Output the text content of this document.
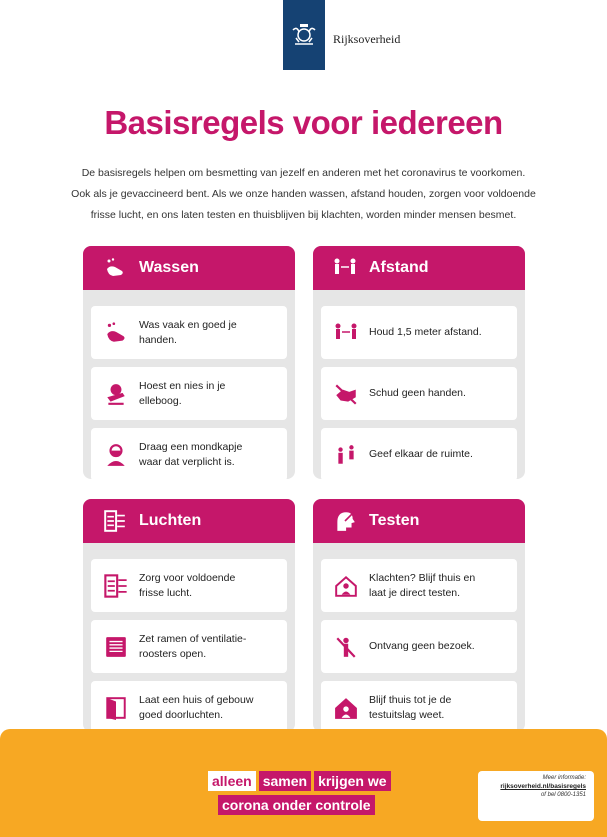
Rijksoverheid
Basisregels voor iedereen
De basisregels helpen om besmetting van jezelf en anderen met het coronavirus te voorkomen.
Ook als je gevaccineerd bent. Als we onze handen wassen, afstand houden, zorgen voor voldoende
frisse lucht, en ons laten testen en thuisblijven bij klachten, worden minder mensen besmet.
Wassen
Was vaak en goed je
handen.
Hoest en nies in je
elleboog.
Draag een mondkapje
waar dat verplicht is.
Afstand
Houd 1,5 meter afstand.
Schud geen handen.
Geef elkaar de ruimte.
Luchten
Zorg voor voldoende
frisse lucht.
Zet ramen of ventilatie-
roosters open.
Laat een huis of gebouw
goed doorluchten.
Testen
Klachten? Blijf thuis en
laat je direct testen.
Ontvang geen bezoek.
Blijf thuis tot je de
testuitslag weet.
alleen samen krijgen we
corona onder controle
Meer informatie:
rijksoverheid.nl/basisregels
of bel 0800-1351
